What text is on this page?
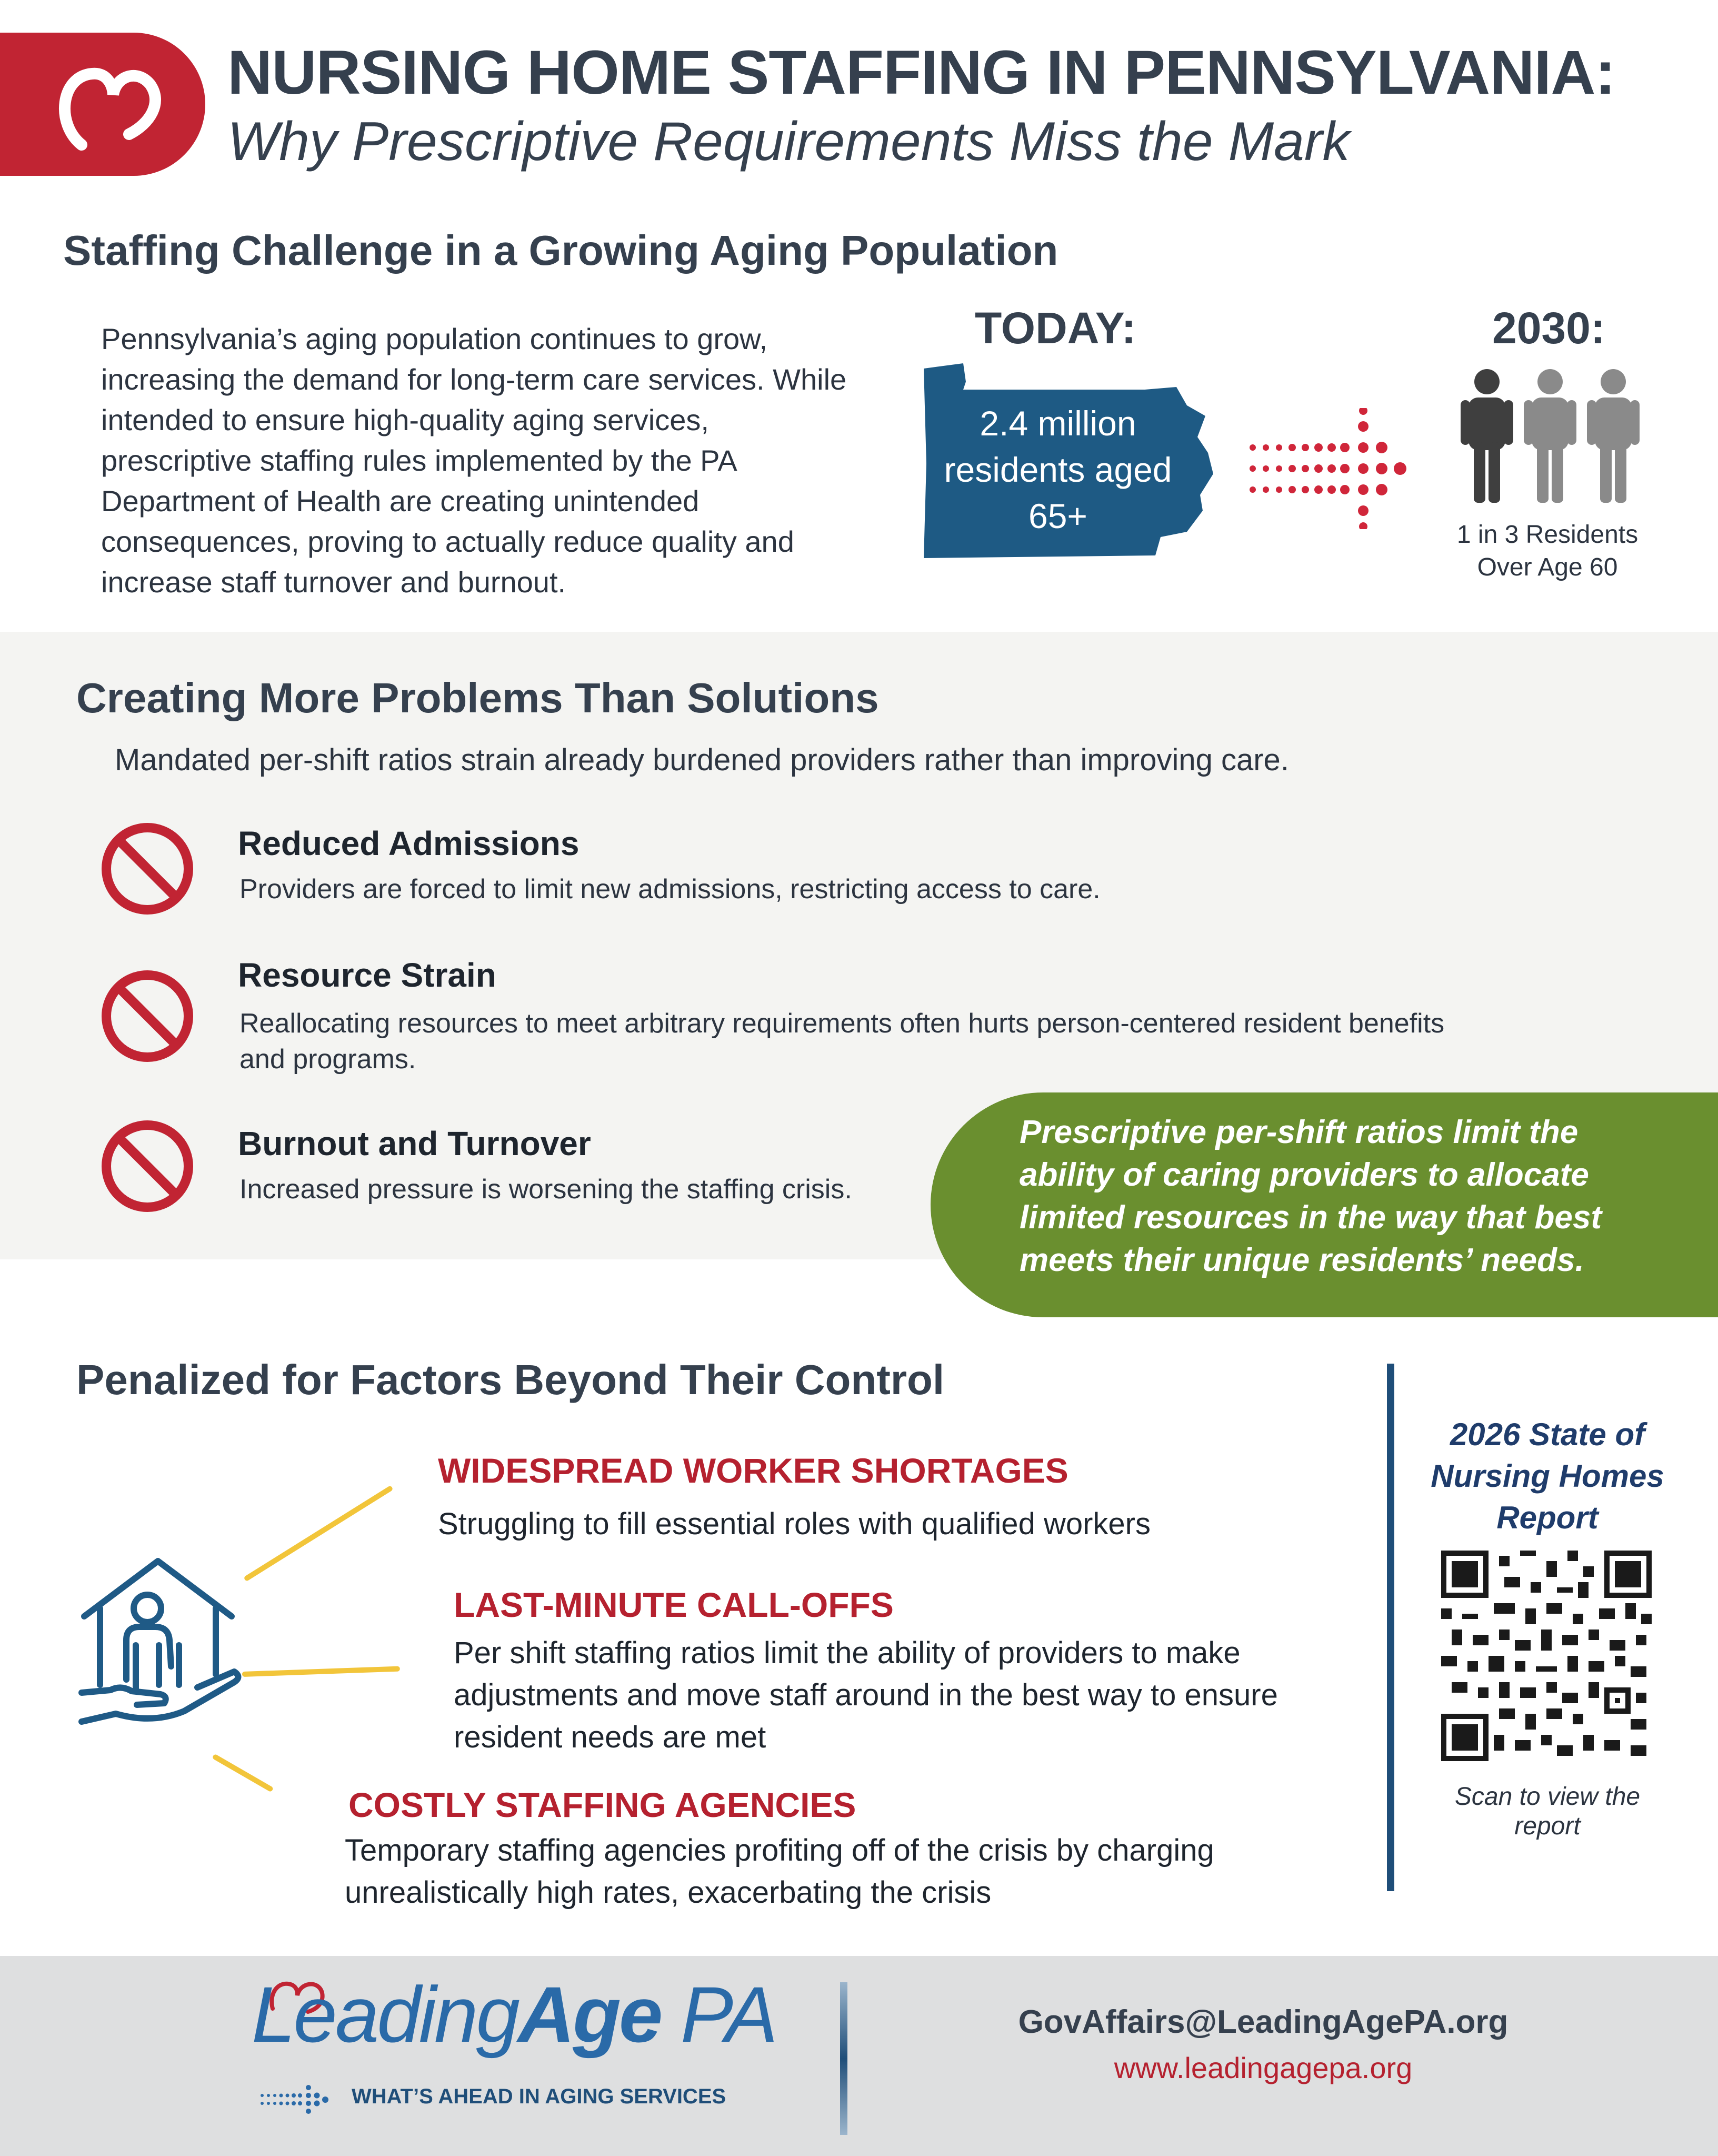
NURSING HOME STAFFING IN PENNSYLVANIA:
Why Prescriptive Requirements Miss the Mark
Staffing Challenge in a Growing Aging Population
Pennsylvania’s aging population continues to grow, increasing the demand for long-term care services. While intended to ensure high-quality aging services, prescriptive staffing rules implemented by the PA Department of Health are creating unintended consequences, proving to actually reduce quality and increase staff turnover and burnout.
TODAY:
2.4 million residents aged 65+
2030:
1 in 3 Residents Over Age 60
Creating More Problems Than Solutions
Mandated per-shift ratios strain already burdened providers rather than improving care.
Reduced Admissions
Providers are forced to limit new admissions, restricting access to care.
Resource Strain
Reallocating resources to meet arbitrary requirements often hurts person-centered resident benefits and programs.
Burnout and Turnover
Increased pressure is worsening the staffing crisis.
Prescriptive per-shift ratios limit the ability of caring providers to allocate limited resources in the way that best meets their unique residents’ needs.
Penalized for Factors Beyond Their Control
WIDESPREAD WORKER SHORTAGES
Struggling to fill essential roles with qualified workers
LAST-MINUTE CALL-OFFS
Per shift staffing ratios limit the ability of providers to make adjustments and move staff around in the best way to ensure resident needs are met
COSTLY STAFFING AGENCIES
Temporary staffing agencies profiting off of the crisis by charging unrealistically high rates, exacerbating the crisis
2026 State of Nursing Homes Report
Scan to view the report
LeadingAge PA
WHAT’S AHEAD IN AGING SERVICES
GovAffairs@LeadingAgePA.org
www.leadingagepa.org
